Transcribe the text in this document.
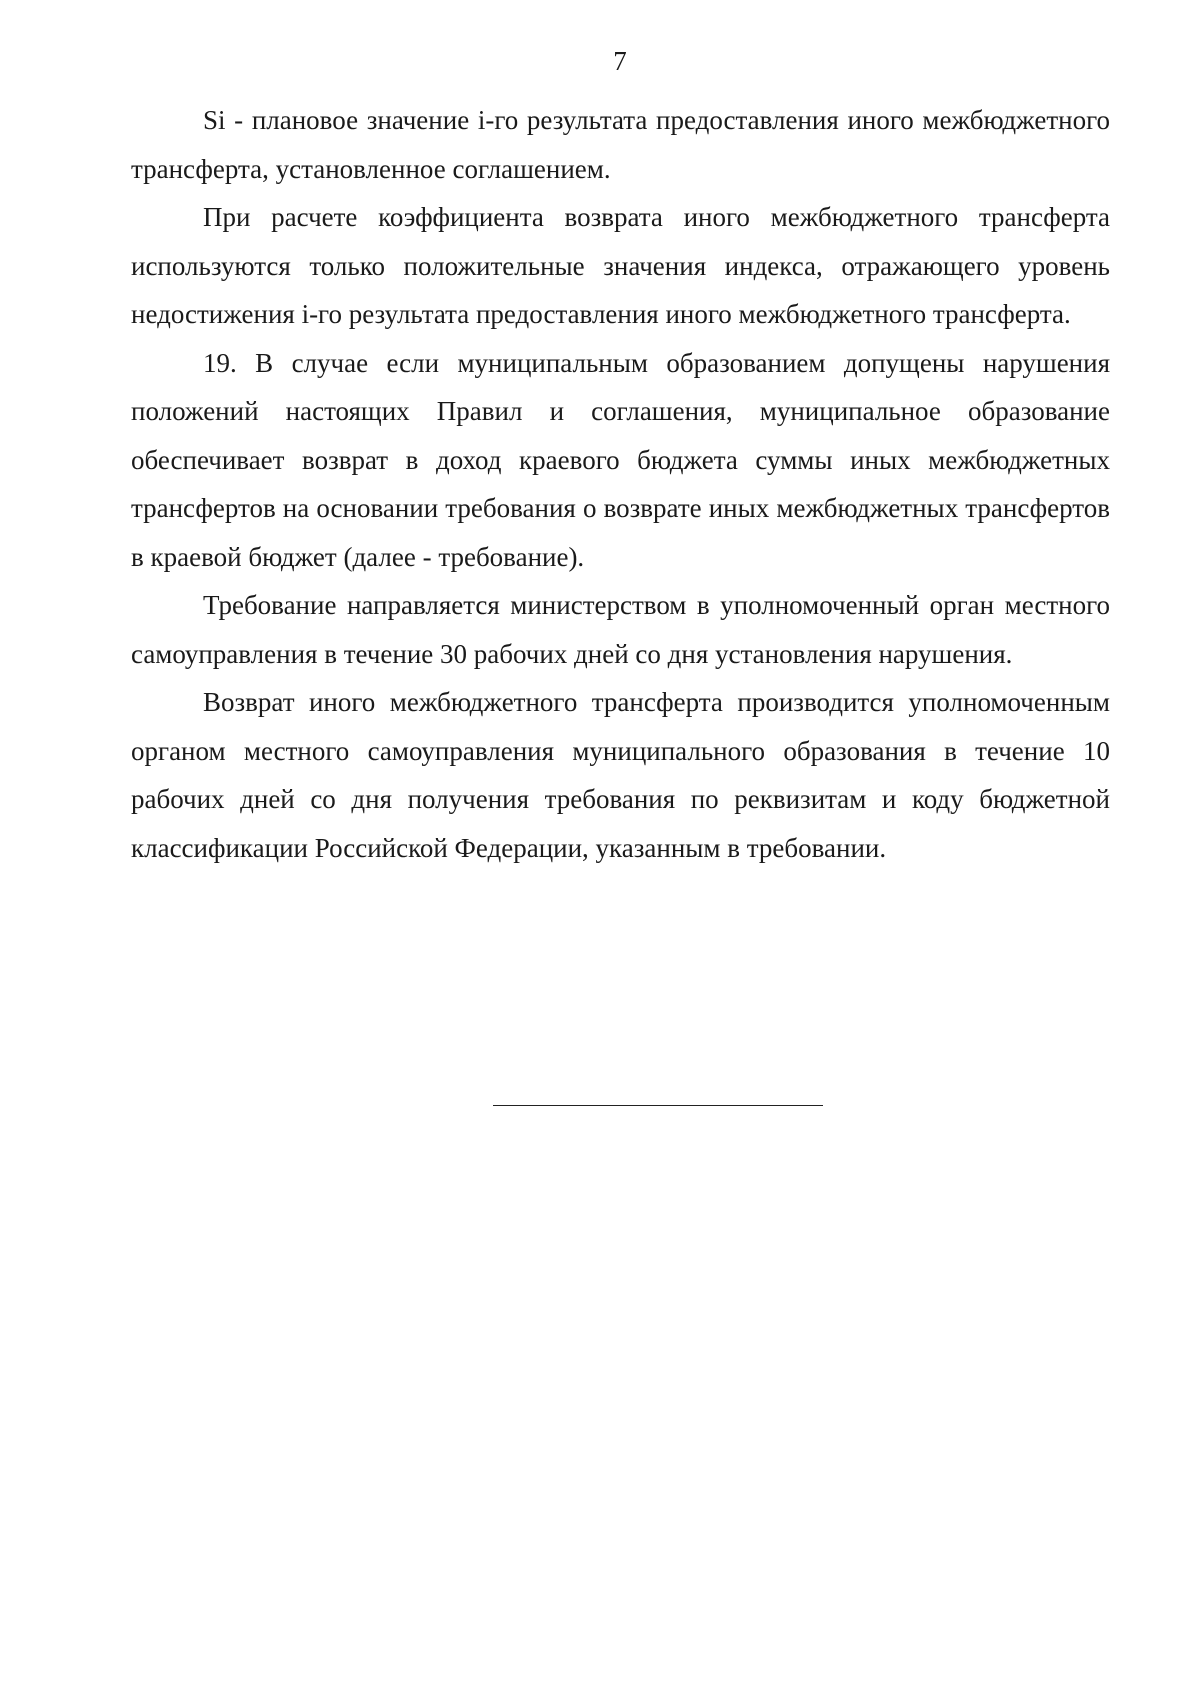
7

Si - плановое значение i-го результата предоставления иного межбюджетного трансферта, установленное соглашением.

При расчете коэффициента возврата иного межбюджетного трансферта используются только положительные значения индекса, отражающего уровень недостижения i-го результата предоставления иного межбюджетного трансферта.

19. В случае если муниципальным образованием допущены нарушения положений настоящих Правил и соглашения, муниципальное образование обеспечивает возврат в доход краевого бюджета суммы иных межбюджетных трансфертов на основании требования о возврате иных межбюджетных трансфертов в краевой бюджет (далее - требование).

Требование направляется министерством в уполномоченный орган местного самоуправления в течение 30 рабочих дней со дня установления нарушения.

Возврат иного межбюджетного трансферта производится уполномоченным органом местного самоуправления муниципального образования в течение 10 рабочих дней со дня получения требования по реквизитам и коду бюджетной классификации Российской Федерации, указанным в требовании.
